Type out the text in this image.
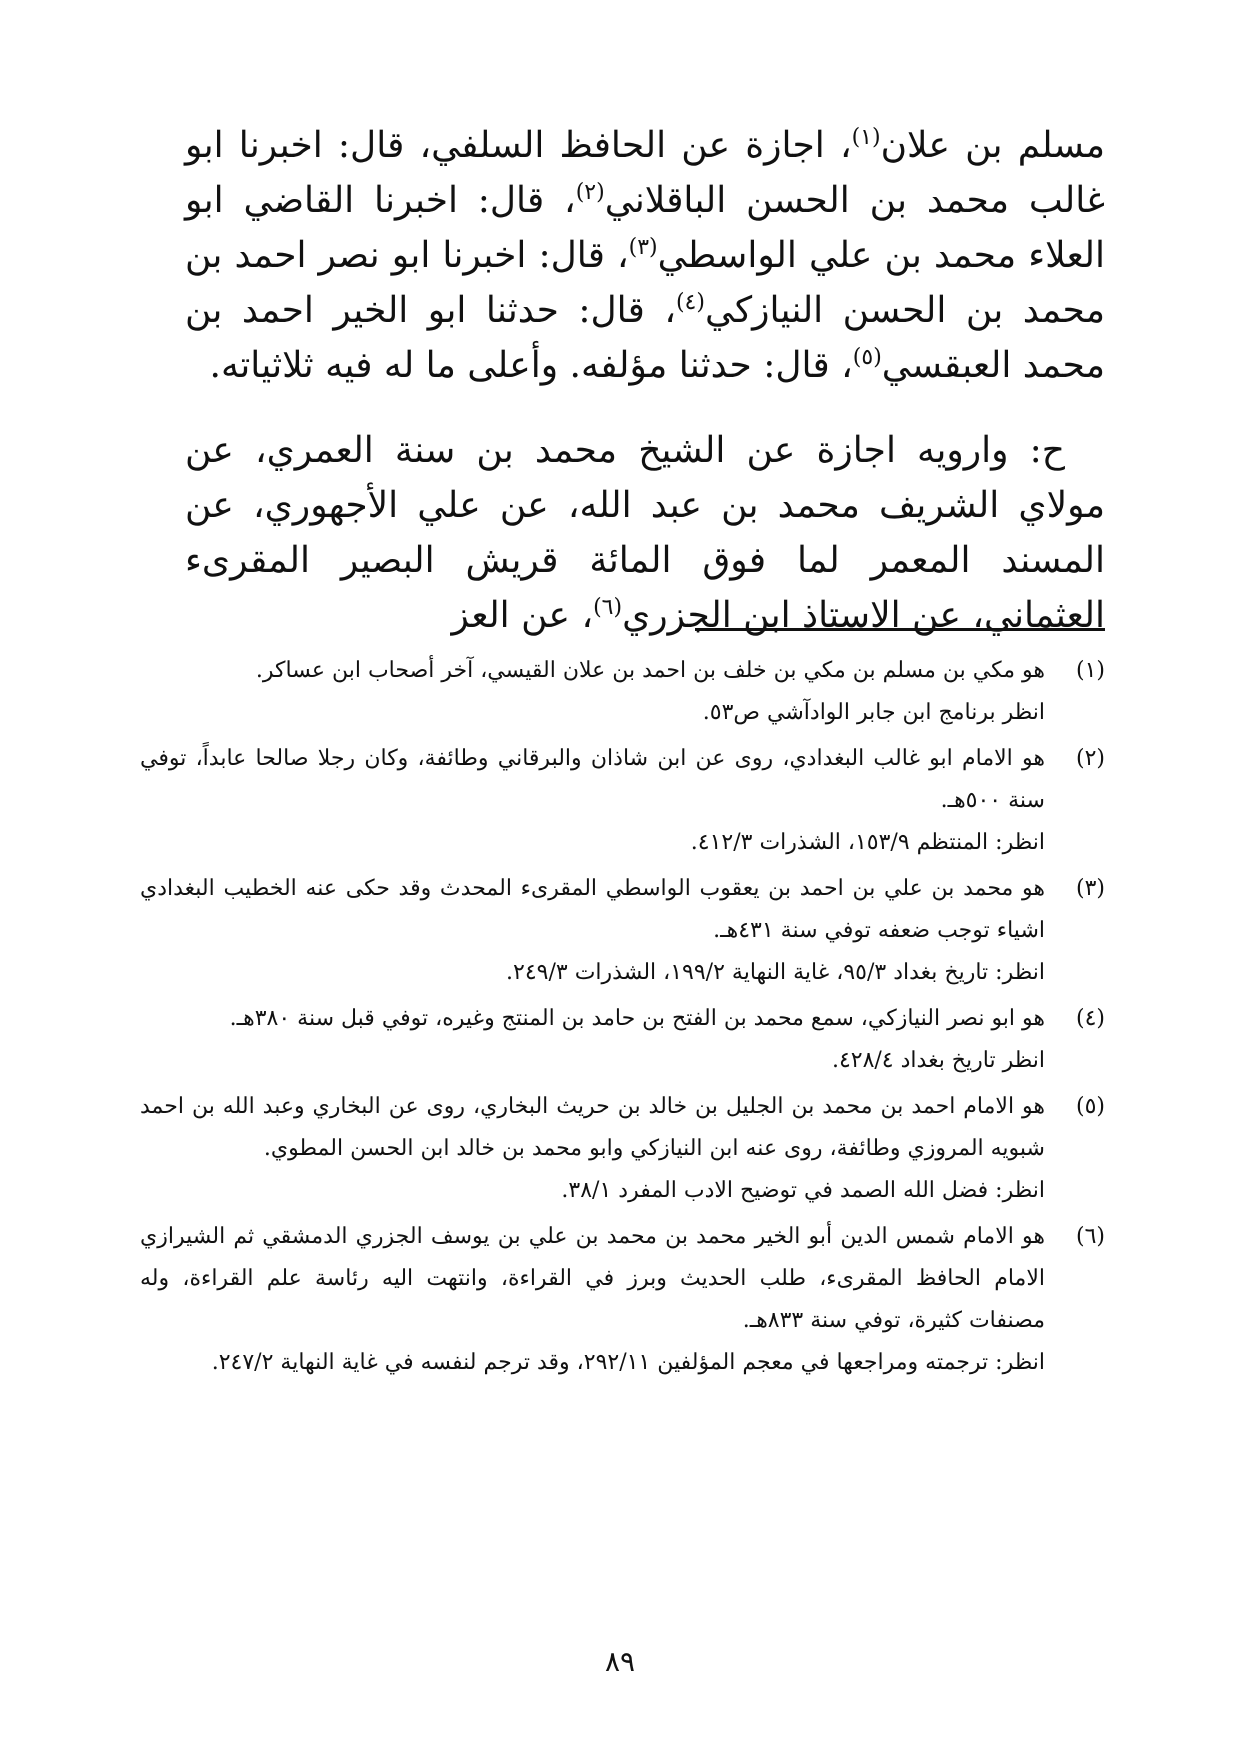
مسلم بن علان$^{(١)}$، اجازة عن الحافظ السلفي، قال: اخبرنا ابو غالب محمد بن الحسن الباقلاني$^{(٢)}$، قال: اخبرنا القاضي ابو العلاء محمد بن علي الواسطي$^{(٣)}$، قال: اخبرنا ابو نصر احمد بن محمد بن الحسن النيازكي$^{(٤)}$، قال: حدثنا ابو الخير احمد بن محمد العبقسي$^{(٥)}$، قال: حدثنا مؤلفه. وأعلى ما له فيه ثلاثياته.

ح: وارويه اجازة عن الشيخ محمد بن سنة العمري، عن مولاي الشريف محمد بن عبد الله، عن علي الأجهوري، عن المسند المعمر لما فوق المائة قريش البصير المقرىء العثماني، عن الاستاذ ابن الجزري$^{(٦)}$، عن العز

(١)
هو مكي بن مسلم بن مكي بن خلف بن احمد بن علان القيسي، آخر أصحاب ابن عساكر.
انظر برنامج ابن جابر الوادآشي ص٥٣.
(٢)
هو الامام ابو غالب البغدادي، روى عن ابن شاذان والبرقاني وطائفة، وكان رجلا صالحا عابداً، توفي سنة ٥٠٠هـ.
انظر: المنتظم ١٥٣/٩، الشذرات ٤١٢/٣.
(٣)
هو محمد بن علي بن احمد بن يعقوب الواسطي المقرىء المحدث وقد حكى عنه الخطيب البغدادي اشياء توجب ضعفه توفي سنة ٤٣١هـ.
انظر: تاريخ بغداد ٩٥/٣، غاية النهاية ١٩٩/٢، الشذرات ٢٤٩/٣.
(٤)
هو ابو نصر النيازكي، سمع محمد بن الفتح بن حامد بن المنتج وغيره، توفي قبل سنة ٣٨٠هـ.
انظر تاريخ بغداد ٤٢٨/٤.
(٥)
هو الامام احمد بن محمد بن الجليل بن خالد بن حريث البخاري، روى عن البخاري وعبد الله بن احمد شبويه المروزي وطائفة، روى عنه ابن النيازكي وابو محمد بن خالد ابن الحسن المطوي.
انظر: فضل الله الصمد في توضيح الادب المفرد ٣٨/١.
(٦)
هو الامام شمس الدين أبو الخير محمد بن محمد بن علي بن يوسف الجزري الدمشقي ثم الشيرازي الامام الحافظ المقرىء، طلب الحديث وبرز في القراءة، وانتهت اليه رئاسة علم القراءة، وله مصنفات كثيرة، توفي سنة ٨٣٣هـ.
انظر: ترجمته ومراجعها في معجم المؤلفين ٢٩٢/١١، وقد ترجم لنفسه في غاية النهاية ٢٤٧/٢.
٨٩
